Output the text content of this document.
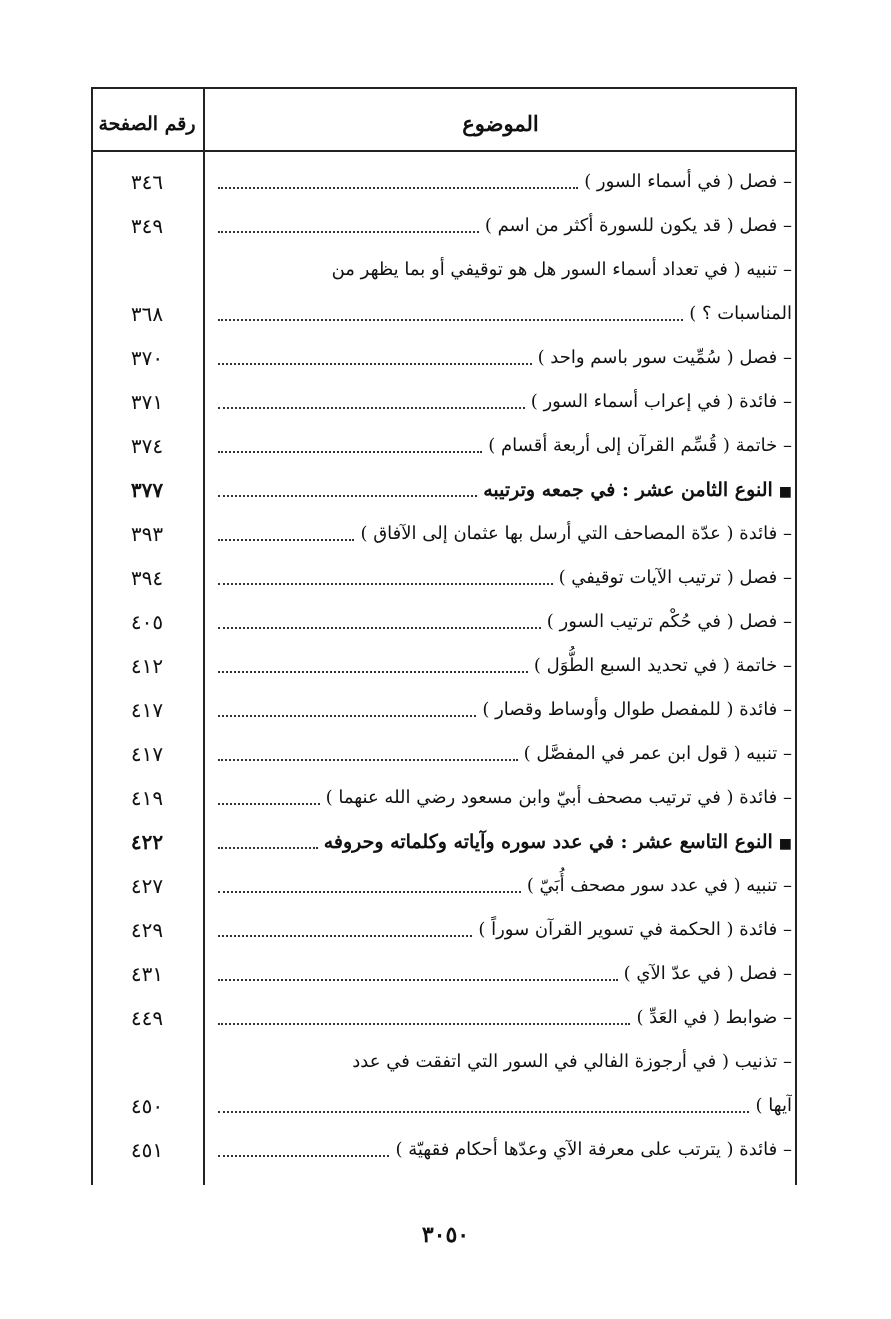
الموضوع
رقم الصفحة
– فصل ( في أسماء السور )
٣٤٦
– فصل ( قد يكون للسورة أكثر من اسم )
٣٤٩
– تنبيه ( في تعداد أسماء السور هل هو توقيفي أو بما يظهر من
المناسبات ؟ )
٣٦٨
– فصل ( سُمِّيت سور باسم واحد )
٣٧٠
– فائدة ( في إعراب أسماء السور )
٣٧١
– خاتمة ( قُسِّم القرآن إلى أربعة أقسام )
٣٧٤
■
النوع الثامن عشر : في جمعه وترتيبه
٣٧٧
– فائدة ( عدّة المصاحف التي أرسل بها عثمان إلى الآفاق )
٣٩٣
– فصل ( ترتيب الآيات توقيفي )
٣٩٤
– فصل ( في حُكْم ترتيب السور )
٤٠٥
– خاتمة ( في تحديد السبع الطُّوَل )
٤١٢
– فائدة ( للمفصل طوال وأوساط وقصار )
٤١٧
– تنبيه ( قول ابن عمر في المفصَّل )
٤١٧
– فائدة ( في ترتيب مصحف أبيّ وابن مسعود رضي الله عنهما )
٤١٩
■
النوع التاسع عشر : في عدد سوره وآياته وكلماته وحروفه
٤٢٢
– تنبيه ( في عدد سور مصحف أُبَيّ )
٤٢٧
– فائدة ( الحكمة في تسوير القرآن سوراً )
٤٢٩
– فصل ( في عدّ الآي )
٤٣١
– ضوابط ( في العَدِّ )
٤٤٩
– تذنيب ( في أرجوزة الفالي في السور التي اتفقت في عدد
آيها )
٤٥٠
– فائدة ( يترتب على معرفة الآي وعدّها أحكام فقهيّة )
٤٥١
٣٠٥٠
